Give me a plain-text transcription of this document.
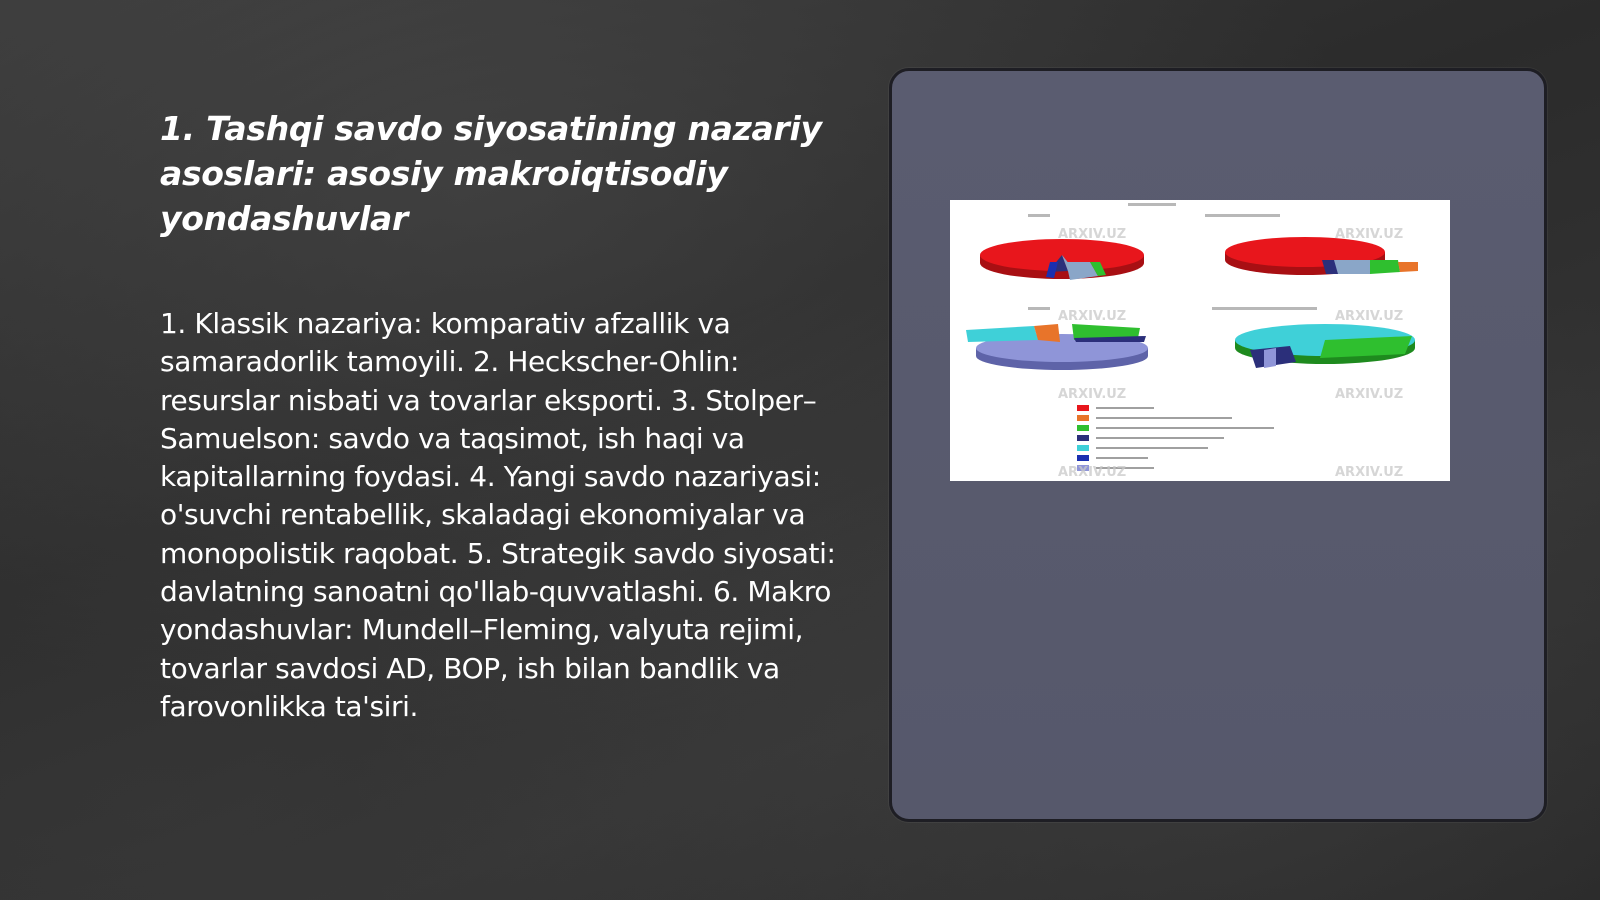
1. Tashqi savdo siyosatining nazariy asoslari: asosiy makroiqtisodiy yondashuvlar

1. Klassik nazariya: komparativ afzallik va samaradorlik tamoyili. 2. Heckscher-Ohlin: resurslar nisbati va tovarlar eksporti. 3. Stolper–Samuelson: savdo va taqsimot, ish haqi va kapitallarning foydasi. 4. Yangi savdo nazariyasi: o'suvchi rentabellik, skaladagi ekonomiyalar va monopolistik raqobat. 5. Strategik savdo siyosati: davlatning sanoatni qo'llab-quvvatlashi. 6. Makro yondashuvlar: Mundell–Fleming, valyuta rejimi, tovarlar savdosi AD, BOP, ish bilan bandlik va farovonlikka ta'siri.

ARXIV.UZ	ARXIV.UZ
ARXIV.UZ	ARXIV.UZ
ARXIV.UZ	ARXIV.UZ
ARXIV.UZ	ARXIV.UZ
